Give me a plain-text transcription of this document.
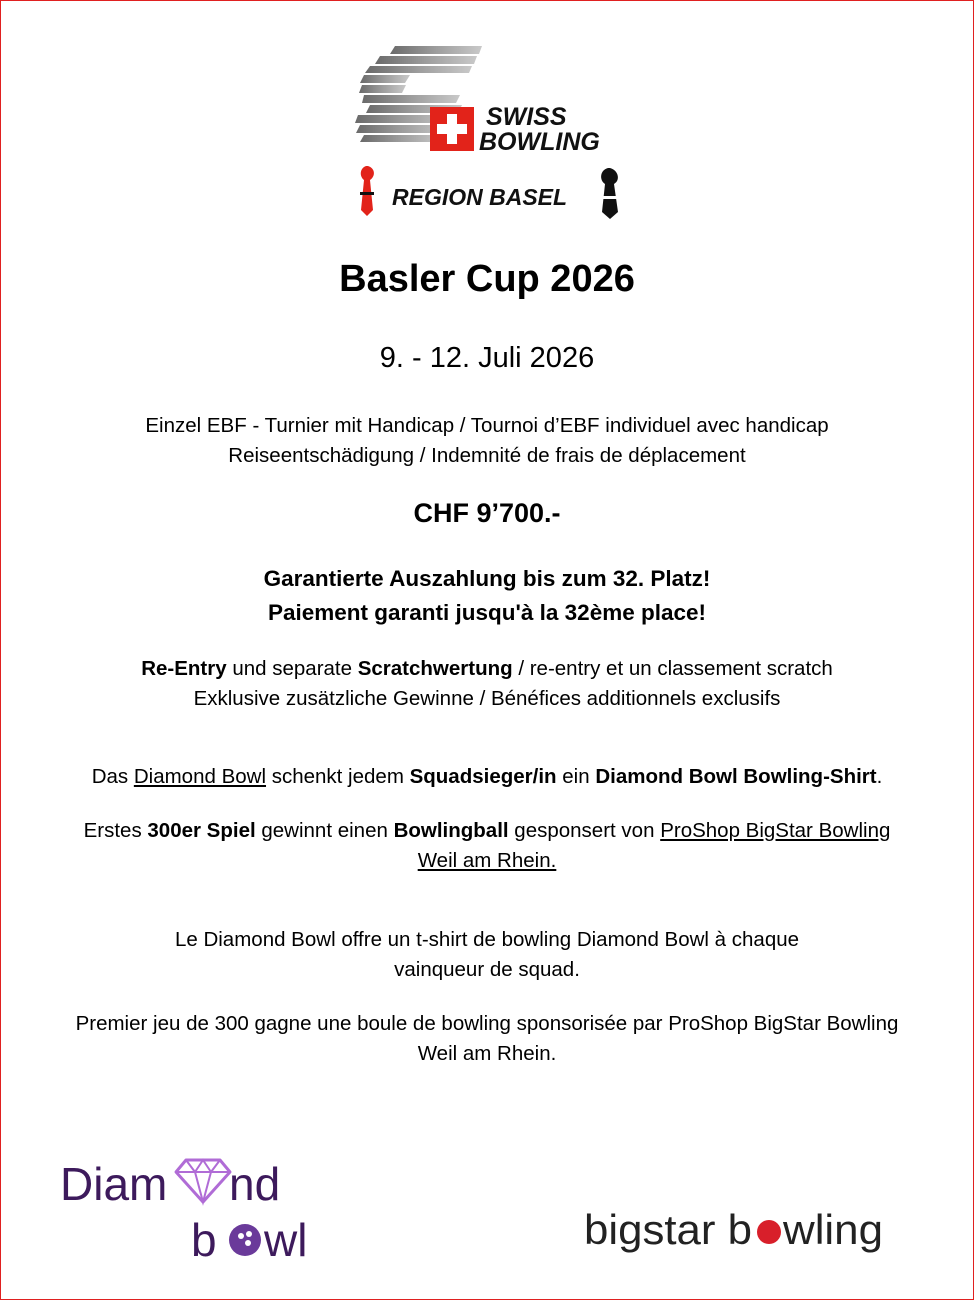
SWISS
BOWLING
REGION BASEL
Basler Cup 2026
9. - 12. Juli 2026
Einzel EBF - Turnier mit Handicap / Tournoi d’EBF individuel avec handicap
Reiseentschädigung / Indemnité de frais de déplacement
CHF 9’700.-
Garantierte Auszahlung bis zum 32. Platz!
Paiement garanti jusqu'à la 32ème place!
Re-Entry und separate Scratchwertung / re-entry et un classement scratch
Exklusive zusätzliche Gewinne / Bénéfices additionnels exclusifs
Das Diamond Bowl schenkt jedem Squadsieger/in ein Diamond Bowl Bowling-Shirt.
Erstes 300er Spiel gewinnt einen Bowlingball gesponsert von ProShop BigStar Bowling
Weil am Rhein.
Le Diamond Bowl offre un t-shirt de bowling Diamond Bowl à chaque
vainqueur de squad.
Premier jeu de 300 gagne une boule de bowling sponsorisée par ProShop BigStar Bowling
Weil am Rhein.
Diam nd
b wl	bigstar b wling
